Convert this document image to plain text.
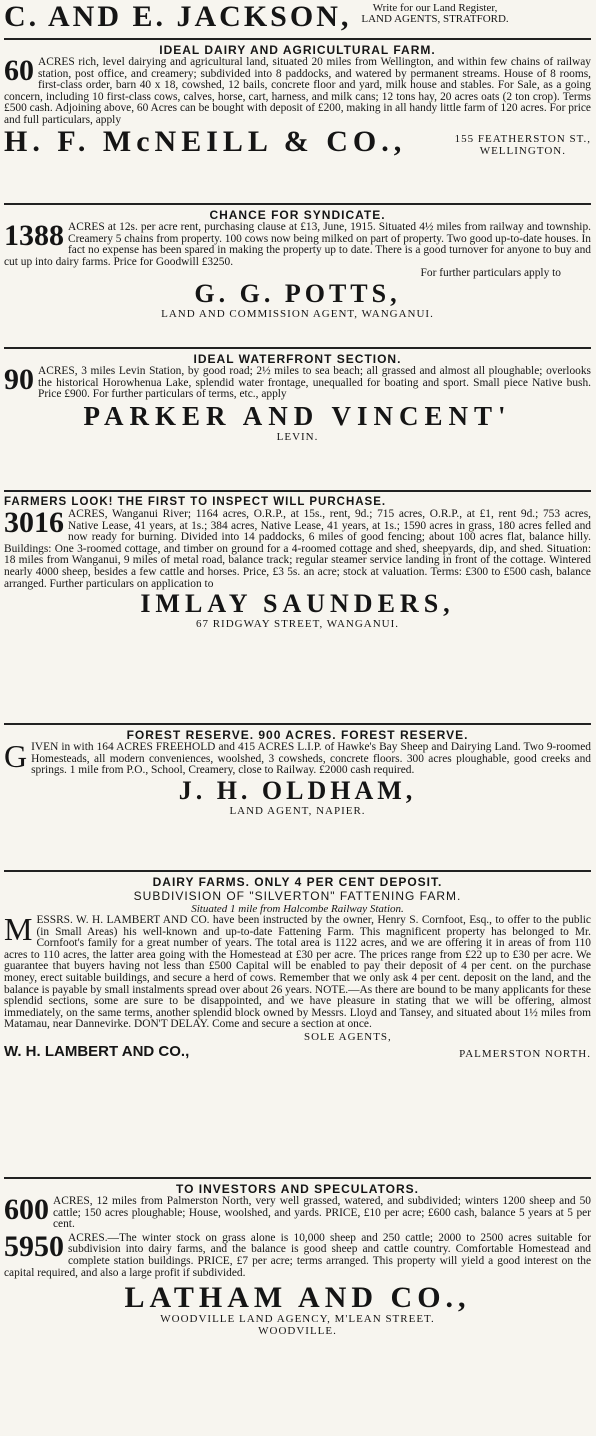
C. AND E. JACKSON,	Write for our Land Register,
LAND AGENTS, STRATFORD.
IDEAL DAIRY AND AGRICULTURAL FARM.

60 ACRES rich, level dairying and agricultural land, situated 20 miles from Wellington, and within few chains of railway station, post office, and creamery; subdivided into 8 paddocks, and watered by permanent streams. House of 8 rooms, first-class order, barn 40 x 18, cowshed, 12 bails, concrete floor and yard, milk house and stables. For Sale, as a going concern, including 10 first-class cows, calves, horse, cart, harness, and milk cans; 12 tons hay, 20 acres oats (2 ton crop). Terms £500 cash. Adjoining above, 60 Acres can be bought with deposit of £200, making in all handy little farm of 120 acres. For price and full particulars, apply

H. F. McNEILL & CO.,	155 FEATHERSTON ST.,
WELLINGTON.
CHANCE FOR SYNDICATE.

1388 ACRES at 12s. per acre rent, purchasing clause at £13, June, 1915. Situated 4½ miles from railway and township. Creamery 5 chains from property. 100 cows now being milked on part of property. Two good up-to-date houses. In fact no expense has been spared in making the property up to date. There is a good turnover for anyone to buy and cut up into dairy farms. Price for Goodwill £3250.

For further particulars apply to
G. G. POTTS,
LAND AND COMMISSION AGENT, WANGANUI.
IDEAL WATERFRONT SECTION.

90 ACRES, 3 miles Levin Station, by good road; 2½ miles to sea beach; all grassed and almost all ploughable; overlooks the historical Horowhenua Lake, splendid water frontage, unequalled for boating and sport. Small piece Native bush. Price £900. For further particulars of terms, etc., apply

PARKER AND VINCENT'
LEVIN.
FARMERS LOOK! THE FIRST TO INSPECT WILL PURCHASE.

3016 ACRES, Wanganui River; 1164 acres, O.R.P., at 15s., rent, 9d.; 715 acres, O.R.P., at £1, rent 9d.; 753 acres, Native Lease, 41 years, at 1s.; 384 acres, Native Lease, 41 years, at 1s.; 1590 acres in grass, 180 acres felled and now ready for burning. Divided into 14 paddocks, 6 miles of good fencing; about 100 acres flat, balance hilly. Buildings: One 3-roomed cottage, and timber on ground for a 4-roomed cottage and shed, sheepyards, dip, and shed. Situation: 18 miles from Wanganui, 9 miles of metal road, balance track; regular steamer service landing in front of the cottage. Wintered nearly 4000 sheep, besides a few cattle and horses. Price, £3 5s. an acre; stock at valuation. Terms: £300 to £500 cash, balance arranged. Further particulars on application to

IMLAY SAUNDERS,
67 RIDGWAY STREET, WANGANUI.
FOREST RESERVE. 900 ACRES. FOREST RESERVE.

G IVEN in with 164 ACRES FREEHOLD and 415 ACRES L.I.P. of Hawke's Bay Sheep and Dairying Land. Two 9-roomed Homesteads, all modern conveniences, woolshed, 3 cowsheds, concrete floors. 300 acres ploughable, good creeks and springs. 1 mile from P.O., School, Creamery, close to Railway. £2000 cash required.

J. H. OLDHAM,
LAND AGENT, NAPIER.
DAIRY FARMS. ONLY 4 PER CENT DEPOSIT.
SUBDIVISION OF "SILVERTON" FATTENING FARM.
Situated 1 mile from Halcombe Railway Station.

M ESSRS. W. H. LAMBERT AND CO. have been instructed by the owner, Henry S. Cornfoot, Esq., to offer to the public (in Small Areas) his well-known and up-to-date Fattening Farm. This magnificent property has belonged to Mr. Cornfoot's family for a great number of years. The total area is 1122 acres, and we are offering it in areas of from 110 acres to 110 acres, the latter area going with the Homestead at £30 per acre. The prices range from £22 up to £30 per acre. We guarantee that buyers having not less than £500 Capital will be enabled to pay their deposit of 4 per cent. on the purchase money, erect suitable buildings, and secure a herd of cows. Remember that we only ask 4 per cent. deposit on the land, and the balance is payable by small instalments spread over about 26 years. NOTE.—As there are bound to be many applicants for these splendid sections, some are sure to be disappointed, and we have pleasure in stating that we will be offering, almost immediately, on the same terms, another splendid block owned by Messrs. Lloyd and Tansey, and situated about 1½ miles from Matamau, near Dannevirke. DON'T DELAY. Come and secure a section at once.

SOLE AGENTS,
W. H. LAMBERT AND CO.,	PALMERSTON NORTH.
TO INVESTORS AND SPECULATORS.

600 ACRES, 12 miles from Palmerston North, very well grassed, watered, and subdivided; winters 1200 sheep and 50 cattle; 150 acres ploughable; House, woolshed, and yards. PRICE, £10 per acre; £600 cash, balance 5 years at 5 per cent.

5950 ACRES.—The winter stock on grass alone is 10,000 sheep and 250 cattle; 2000 to 2500 acres suitable for subdivision into dairy farms, and the balance is good sheep and cattle country. Comfortable Homestead and complete station buildings. PRICE, £7 per acre; terms arranged. This property will yield a good interest on the capital required, and also a large profit if subdivided.

LATHAM AND CO.,
WOODVILLE LAND AGENCY, M'LEAN STREET.
WOODVILLE.
